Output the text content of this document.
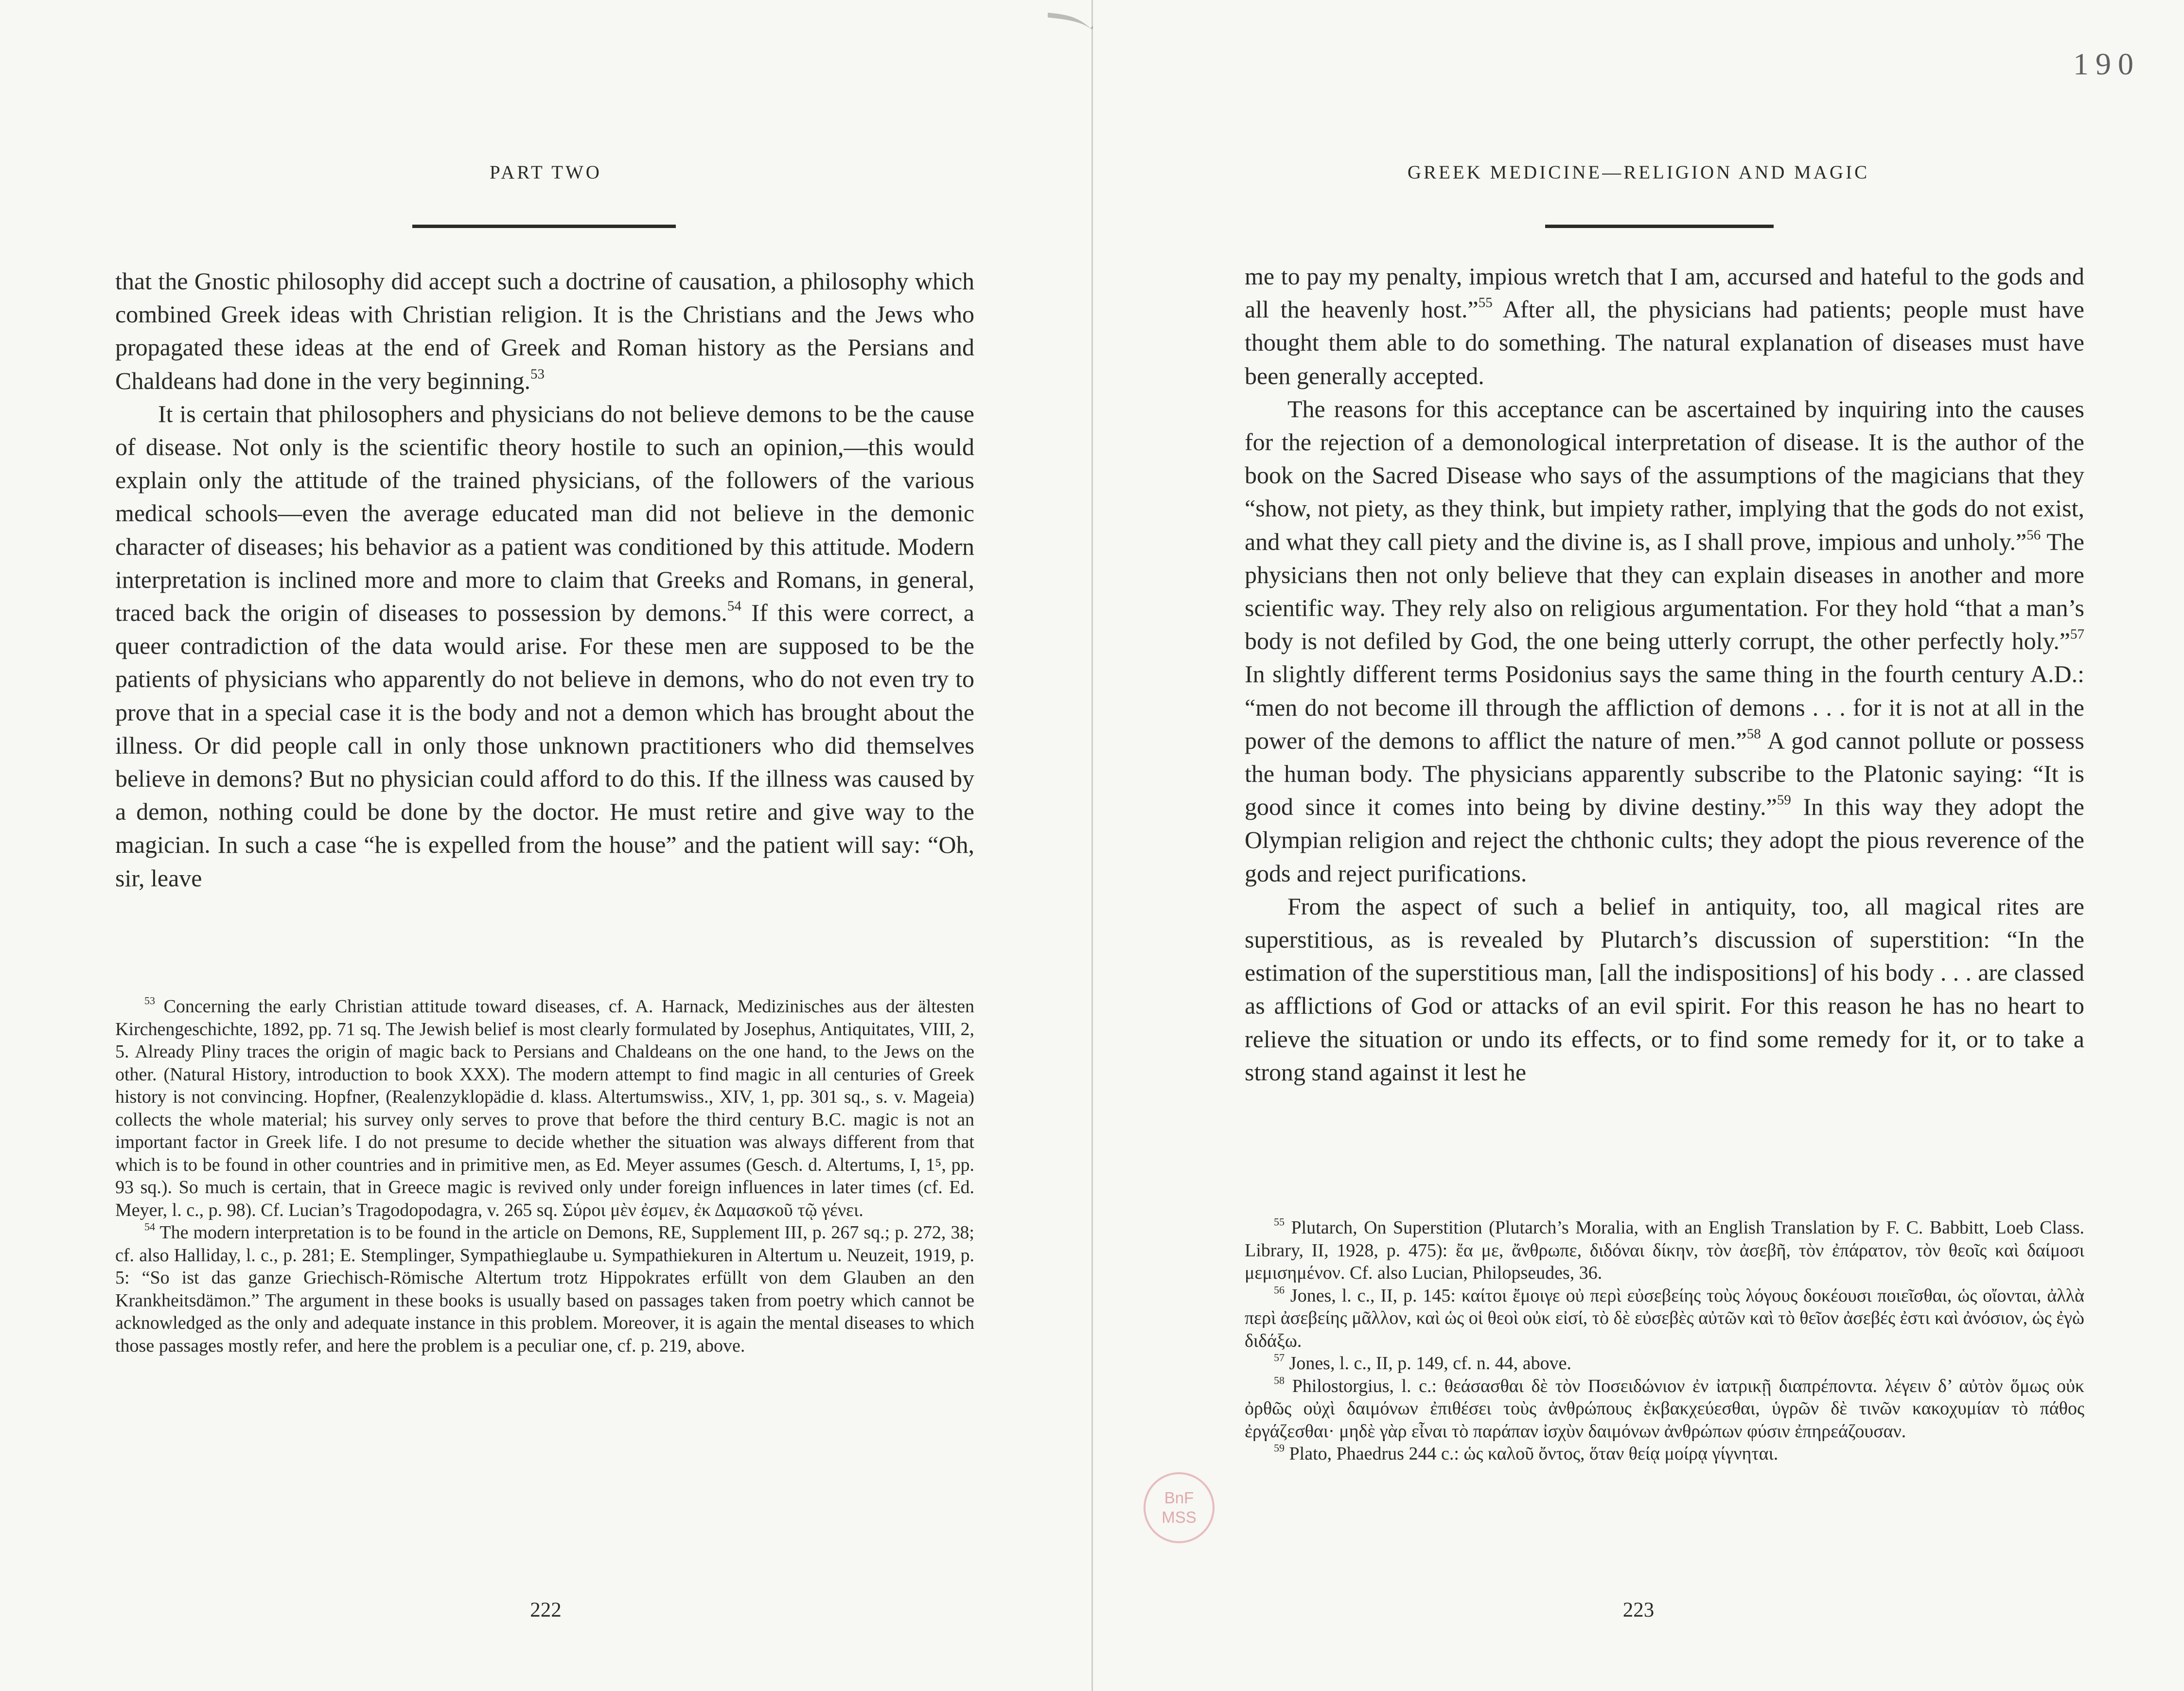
PART TWO

that the Gnostic philosophy did accept such a doctrine of causation, a philosophy which combined Greek ideas with Christian religion. It is the Christians and the Jews who propagated these ideas at the end of Greek and Roman history as the Persians and Chaldeans had done in the very beginning.$^{53}$

It is certain that philosophers and physicians do not believe demons to be the cause of disease. Not only is the scientific theory hostile to such an opinion,—this would explain only the attitude of the trained physicians, of the followers of the various medical schools—even the average educated man did not believe in the demonic character of diseases; his behavior as a patient was conditioned by this attitude. Modern interpretation is inclined more and more to claim that Greeks and Romans, in general, traced back the origin of diseases to possession by demons.$^{54}$ If this were correct, a queer contradiction of the data would arise. For these men are supposed to be the patients of physicians who apparently do not believe in demons, who do not even try to prove that in a special case it is the body and not a demon which has brought about the illness. Or did people call in only those unknown practitioners who did themselves believe in demons? But no physician could afford to do this. If the illness was caused by a demon, nothing could be done by the doctor. He must retire and give way to the magician. In such a case “he is expelled from the house” and the patient will say: “Oh, sir, leave

$^{53}$ Concerning the early Christian attitude toward diseases, cf. A. Harnack, Medizinisches aus der ältesten Kirchengeschichte, 1892, pp. 71 sq. The Jewish belief is most clearly formulated by Josephus, Antiquitates, VIII, 2, 5. Already Pliny traces the origin of magic back to Persians and Chaldeans on the one hand, to the Jews on the other. (Natural History, introduction to book XXX). The modern attempt to find magic in all centuries of Greek history is not convincing. Hopfner, (Realenzyklopädie d. klass. Altertumswiss., XIV, 1, pp. 301 sq., s. v. Mageia) collects the whole material; his survey only serves to prove that before the third century B.C. magic is not an important factor in Greek life. I do not presume to decide whether the situation was always different from that which is to be found in other countries and in primitive men, as Ed. Meyer assumes (Gesch. d. Altertums, I, 1⁵, pp. 93 sq.). So much is certain, that in Greece magic is revived only under foreign influences in later times (cf. Ed. Meyer, l. c., p. 98). Cf. Lucian’s Tragodopodagra, v. 265 sq. Σύροι μὲν ἐσμεν, ἐκ Δαμασκοῦ τῷ γένει.

$^{54}$ The modern interpretation is to be found in the article on Demons, RE, Supplement III, p. 267 sq.; p. 272, 38; cf. also Halliday, l. c., p. 281; E. Stemplinger, Sympathieglaube u. Sympathiekuren in Altertum u. Neuzeit, 1919, p. 5: “So ist das ganze Griechisch-Römische Altertum trotz Hippokrates erfüllt von dem Glauben an den Krankheitsdämon.” The argument in these books is usually based on passages taken from poetry which cannot be acknowledged as the only and adequate instance in this problem. Moreover, it is again the mental diseases to which those passages mostly refer, and here the problem is a peculiar one, cf. p. 219, above.

222
190
GREEK MEDICINE—RELIGION AND MAGIC

me to pay my penalty, impious wretch that I am, accursed and hateful to the gods and all the heavenly host.”$^{55}$ After all, the physicians had patients; people must have thought them able to do something. The natural explanation of diseases must have been generally accepted.

The reasons for this acceptance can be ascertained by inquiring into the causes for the rejection of a demonological interpretation of disease. It is the author of the book on the Sacred Disease who says of the assumptions of the magicians that they “show, not piety, as they think, but impiety rather, implying that the gods do not exist, and what they call piety and the divine is, as I shall prove, impious and unholy.”$^{56}$ The physicians then not only believe that they can explain diseases in another and more scientific way. They rely also on religious argumentation. For they hold “that a man’s body is not defiled by God, the one being utterly corrupt, the other perfectly holy.”$^{57}$ In slightly different terms Posidonius says the same thing in the fourth century A.D.: “men do not become ill through the affliction of demons . . . for it is not at all in the power of the demons to afflict the nature of men.”$^{58}$ A god cannot pollute or possess the human body. The physicians apparently subscribe to the Platonic saying: “It is good since it comes into being by divine destiny.”$^{59}$ In this way they adopt the Olympian religion and reject the chthonic cults; they adopt the pious reverence of the gods and reject purifications.

From the aspect of such a belief in antiquity, too, all magical rites are superstitious, as is revealed by Plutarch’s discussion of superstition: “In the estimation of the superstitious man, [all the indispositions] of his body . . . are classed as afflictions of God or attacks of an evil spirit. For this reason he has no heart to relieve the situation or undo its effects, or to find some remedy for it, or to take a strong stand against it lest he

$^{55}$ Plutarch, On Superstition (Plutarch’s Moralia, with an English Translation by F. C. Babbitt, Loeb Class. Library, II, 1928, p. 475): ἔα με, ἄνθρωπε, διδόναι δίκην, τὸν ἀσεβῆ, τὸν ἐπάρατον, τὸν θεοῖς καὶ δαίμοσι μεμισημένον. Cf. also Lucian, Philopseudes, 36.

$^{56}$ Jones, l. c., II, p. 145: καίτοι ἔμοιγε οὐ περὶ εὐσεβείης τοὺς λόγους δοκέουσι ποιεῖσθαι, ὡς οἴονται, ἀλλὰ περὶ ἀσεβείης μᾶλλον, καὶ ὡς οἱ θεοὶ οὐκ εἰσί, τὸ δὲ εὐσεβὲς αὐτῶν καὶ τὸ θεῖον ἀσεβές ἐστι καὶ ἀνόσιον, ὡς ἐγὼ διδάξω.

$^{57}$ Jones, l. c., II, p. 149, cf. n. 44, above.

$^{58}$ Philostorgius, l. c.: θεάσασθαι δὲ τὸν Ποσειδώνιον ἐν ἰατρικῇ διαπρέποντα. λέγειν δ’ αὐτὸν ὅμως οὐκ ὀρθῶς οὐχὶ δαιμόνων ἐπιθέσει τοὺς ἀνθρώπους ἐκβακχεύεσθαι, ὑγρῶν δὲ τινῶν κακοχυμίαν τὸ πάθος ἐργάζεσθαι· μηδὲ γὰρ εἶναι τὸ παράπαν ἰσχὺν δαιμόνων ἀνθρώπων φύσιν ἐπηρεάζουσαν.

$^{59}$ Plato, Phaedrus 244 c.: ὡς καλοῦ ὄντος, ὅταν θείᾳ μοίρᾳ γίγνηται.

223
BnF
MSS
